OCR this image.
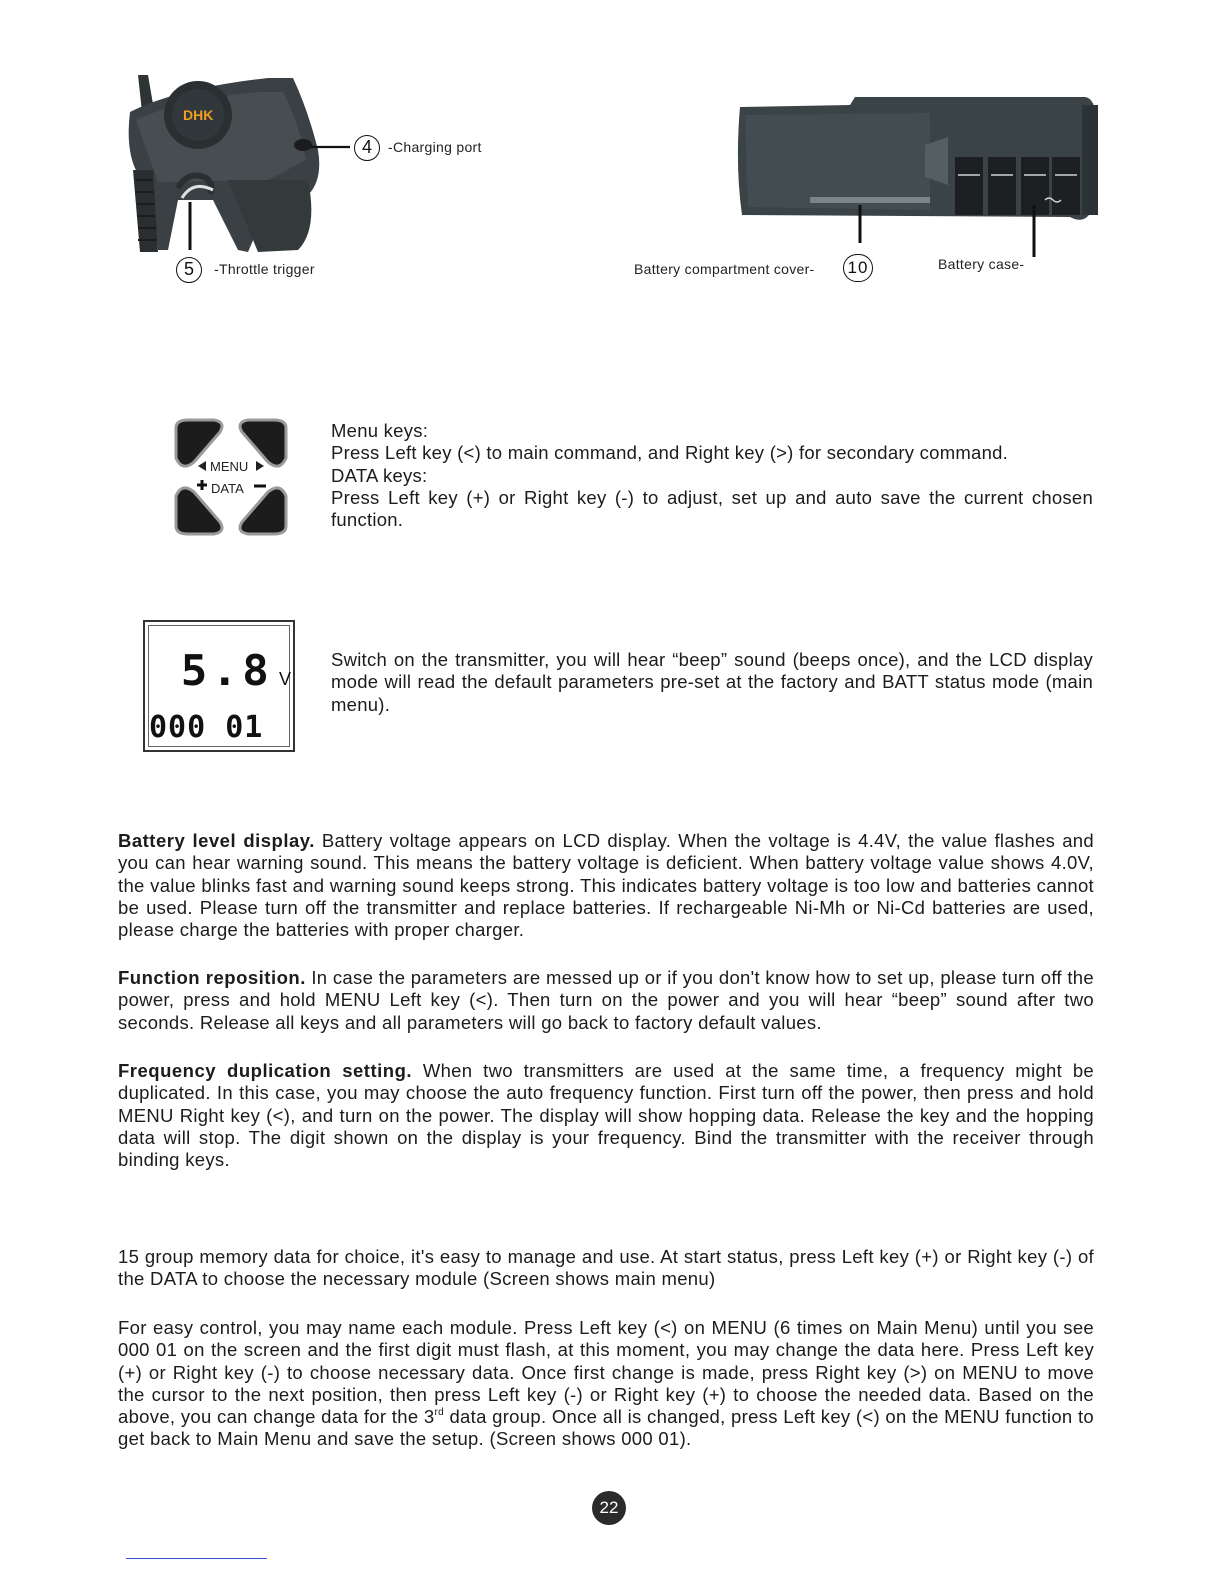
DHK
4	-Charging port
5	-Throttle trigger	Battery compartment cover- 10	Battery case-
MENU
DATA

Menu keys:

Press Left key (<) to main command, and Right key (>) for secondary command.

DATA keys:

Press Left key (+) or Right key (-) to adjust, set up and auto save the current chosen function.

5.8 V
000 01
Switch on the transmitter, you will hear “beep” sound (beeps once), and the LCD display mode will read the default parameters pre-set at the factory and BATT status mode (main menu).
Battery level display. Battery voltage appears on LCD display. When the voltage is 4.4V, the value flashes and you can hear warning sound. This means the battery voltage is deficient. When battery voltage value shows 4.0V, the value blinks fast and warning sound keeps strong. This indicates battery voltage is too low and batteries cannot be used. Please turn off the transmitter and replace batteries. If rechargeable Ni-Mh or Ni-Cd batteries are used, please charge the batteries with proper charger.
Function reposition. In case the parameters are messed up or if you don't know how to set up, please turn off the power, press and hold MENU Left key (<). Then turn on the power and you will hear “beep” sound after two seconds. Release all keys and all parameters will go back to factory default values.
Frequency duplication setting. When two transmitters are used at the same time, a frequency might be duplicated. In this case, you may choose the auto frequency function. First turn off the power, then press and hold MENU Right key (<), and turn on the power. The display will show hopping data. Release the key and the hopping data will stop. The digit shown on the display is your frequency. Bind the transmitter with the receiver through binding keys.
15 group memory data for choice, it's easy to manage and use. At start status, press Left key (+) or Right key (-) of the DATA to choose the necessary module (Screen shows main menu)
For easy control, you may name each module. Press Left key (<) on MENU (6 times on Main Menu) until you see 000 01 on the screen and the first digit must flash, at this moment, you may change the data here. Press Left key (+) or Right key (-) to choose necessary data. Once first change is made, press Right key (>) on MENU to move the cursor to the next position, then press Left key (-) or Right key (+) to choose the needed data. Based on the above, you can change data for the 3rd data group. Once all is changed, press Left key (<) on the MENU function to get back to Main Menu and save the setup. (Screen shows 000 01).
22
